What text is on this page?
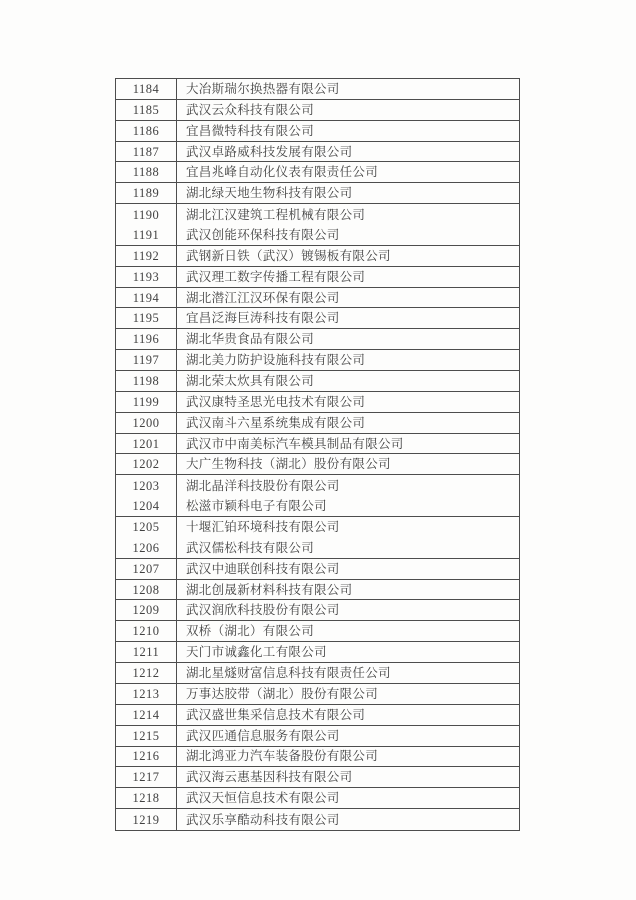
1184	大冶斯瑞尔换热器有限公司
1185	武汉云众科技有限公司
1186	宜昌微特科技有限公司
1187	武汉卓路威科技发展有限公司
1188	宜昌兆峰自动化仪表有限责任公司
1189	湖北绿天地生物科技有限公司
1190	湖北江汉建筑工程机械有限公司
1191	武汉创能环保科技有限公司
1192	武钢新日铁（武汉）镀锡板有限公司
1193	武汉理工数字传播工程有限公司
1194	湖北潜江江汉环保有限公司
1195	宜昌泛海巨涛科技有限公司
1196	湖北华贵食品有限公司
1197	湖北美力防护设施科技有限公司
1198	湖北荣太炊具有限公司
1199	武汉康特圣思光电技术有限公司
1200	武汉南斗六星系统集成有限公司
1201	武汉市中南美标汽车模具制品有限公司
1202	大广生物科技（湖北）股份有限公司
1203	湖北晶洋科技股份有限公司
1204	松滋市颖科电子有限公司
1205	十堰汇铂环境科技有限公司
1206	武汉儒松科技有限公司
1207	武汉中迪联创科技有限公司
1208	湖北创晟新材料科技有限公司
1209	武汉润欣科技股份有限公司
1210	双桥（湖北）有限公司
1211	天门市诚鑫化工有限公司
1212	湖北星燧财富信息科技有限责任公司
1213	万事达胶带（湖北）股份有限公司
1214	武汉盛世集采信息技术有限公司
1215	武汉匹通信息服务有限公司
1216	湖北鸿亚力汽车装备股份有限公司
1217	武汉海云惠基因科技有限公司
1218	武汉天恒信息技术有限公司
1219	武汉乐享酷动科技有限公司
